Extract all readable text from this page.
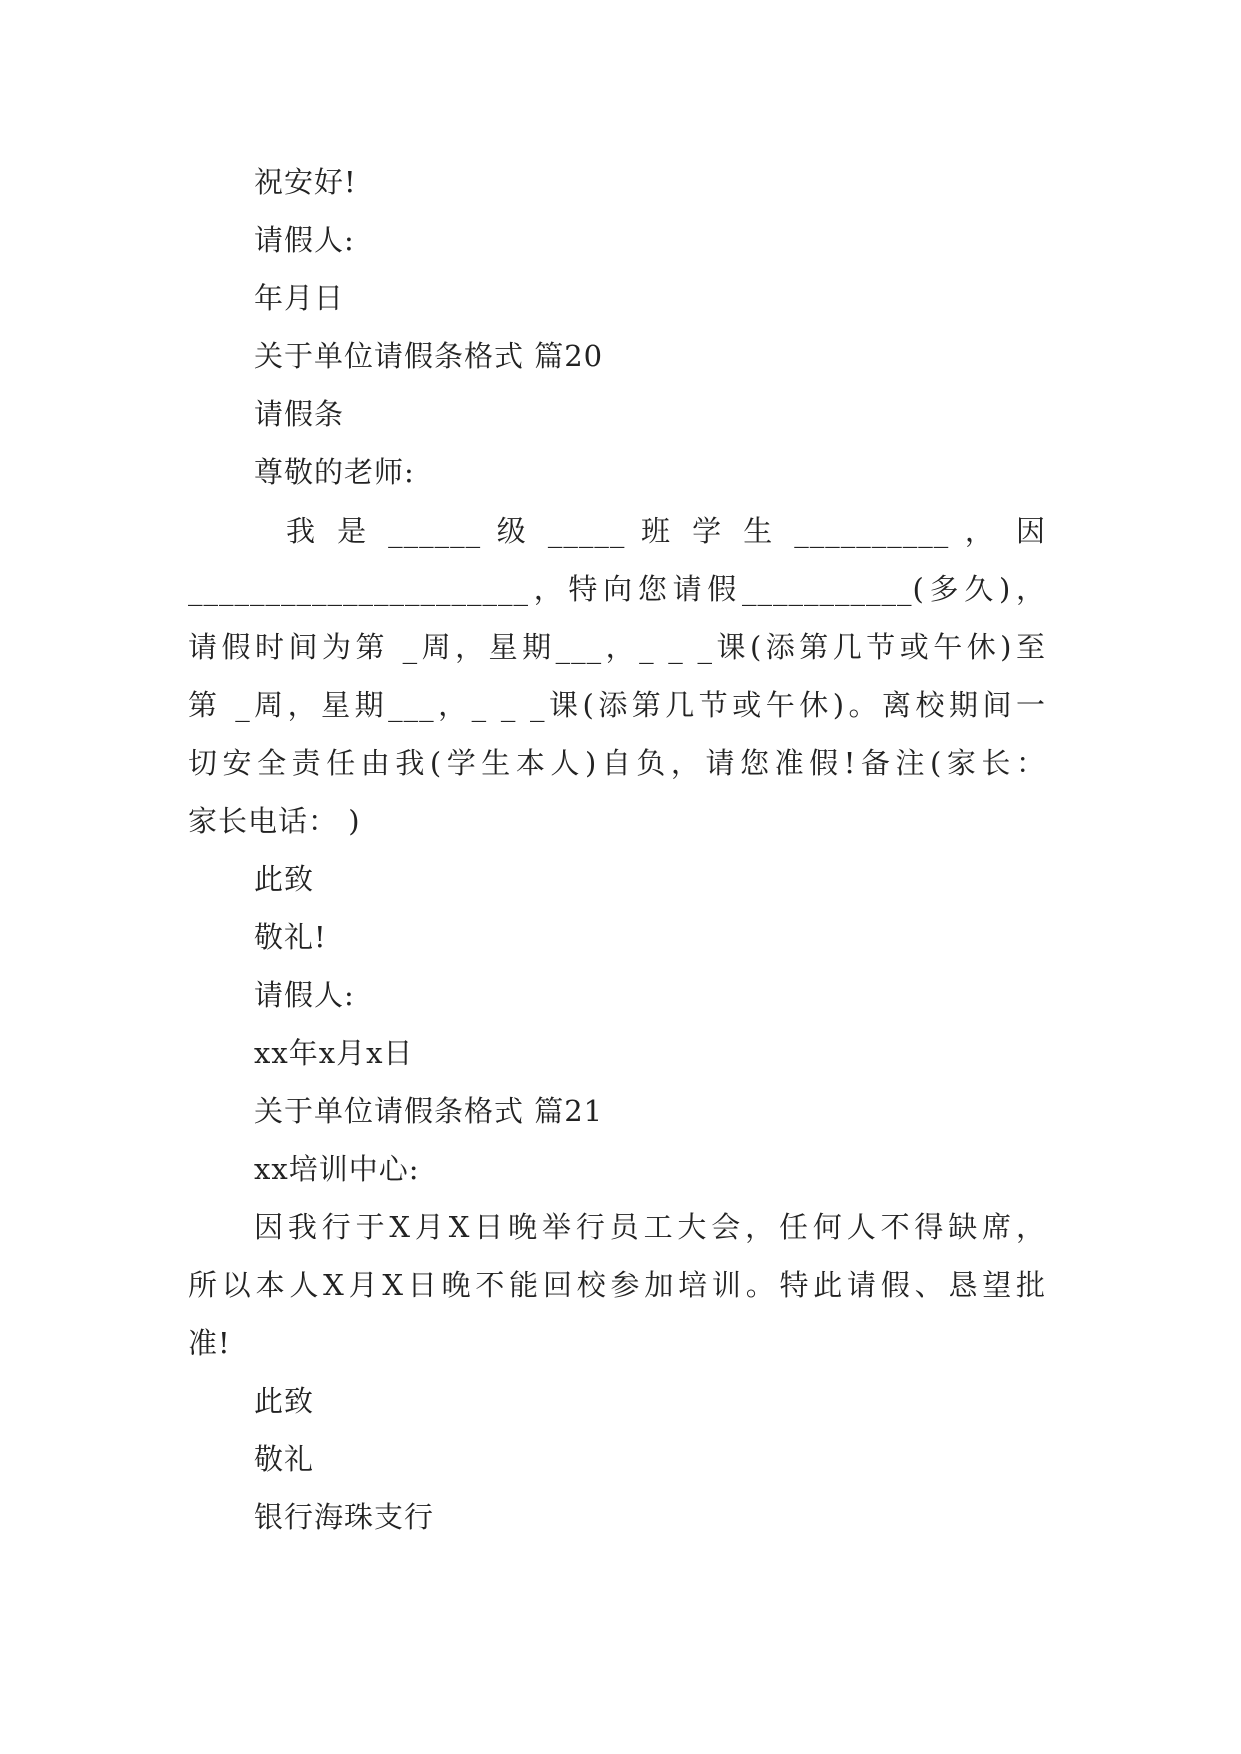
祝安好!
请假人:
年月日
关于单位请假条格式 篇20
请假条
尊敬的老师:
我 是 ______ 级 _____ 班 学 生 __________ ， 因
______________________，特向您请假___________(多久)，
请假时间为第 _周，星期___，_ _ _课(添第几节或午休)至
第 _周，星期___，_ _ _课(添第几节或午休)。离校期间一
切安全责任由我(学生本人)自负，请您准假!备注(家长：
家长电话： )
此致
敬礼!
请假人:
xx年x月x日
关于单位请假条格式 篇21
xx培训中心:
因我行于X月X日晚举行员工大会，任何人不得缺席，
所以本人X月X日晚不能回校参加培训。特此请假、恳望批
准!
此致
敬礼
银行海珠支行
